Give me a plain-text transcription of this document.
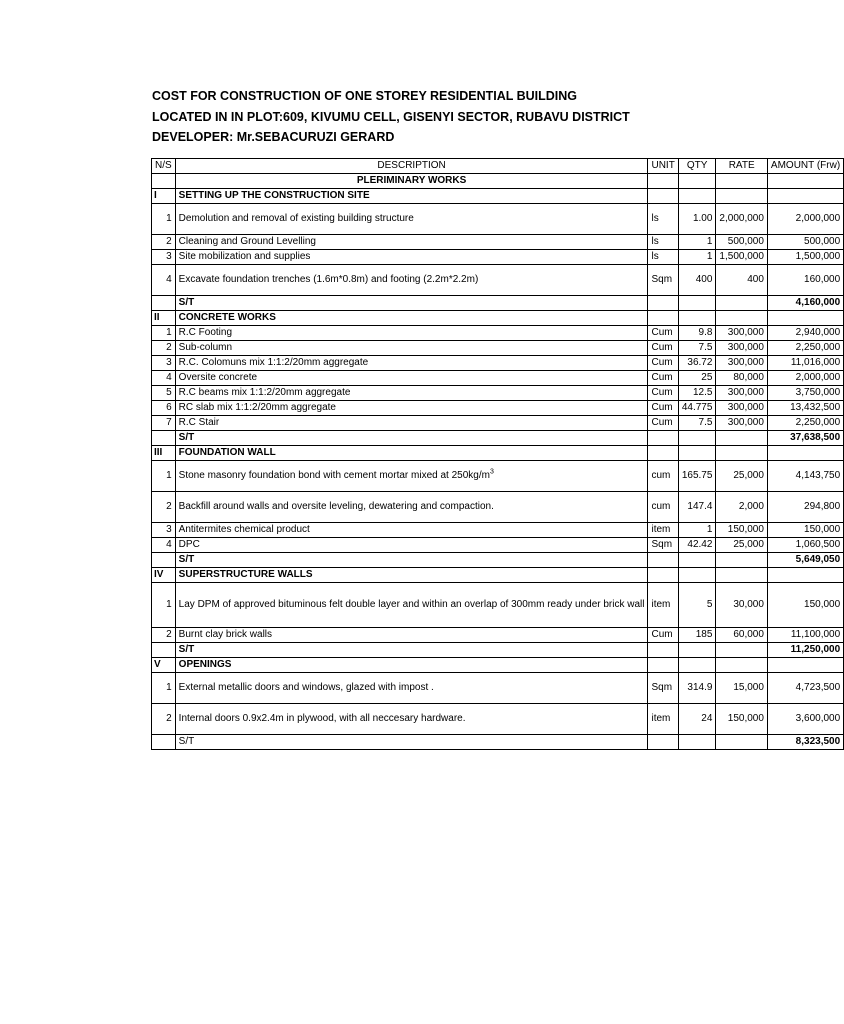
COST FOR CONSTRUCTION OF ONE STOREY RESIDENTIAL BUILDING
LOCATED IN IN PLOT:609, KIVUMU CELL, GISENYI SECTOR, RUBAVU DISTRICT
DEVELOPER: Mr.SEBACURUZI GERARD
N/S	DESCRIPTION	UNIT	QTY	RATE	AMOUNT (Frw)
	PLERIMINARY WORKS				
I	SETTING UP THE CONSTRUCTION SITE				
1	Demolution and removal of existing building structure	ls	1.00	2,000,000	2,000,000
2	Cleaning and Ground Levelling	ls	1	500,000	500,000
3	Site mobilization and supplies	ls	1	1,500,000	1,500,000
4	Excavate foundation trenches (1.6m*0.8m) and footing (2.2m*2.2m)	Sqm	400	400	160,000
	S/T				4,160,000
II	CONCRETE WORKS				
1	R.C Footing	Cum	9.8	300,000	2,940,000
2	Sub-column	Cum	7.5	300,000	2,250,000
3	R.C. Colomuns mix 1:1:2/20mm aggregate	Cum	36.72	300,000	11,016,000
4	Oversite concrete	Cum	25	80,000	2,000,000
5	R.C beams mix 1:1:2/20mm aggregate	Cum	12.5	300,000	3,750,000
6	RC slab mix 1:1:2/20mm aggregate	Cum	44.775	300,000	13,432,500
7	R.C Stair	Cum	7.5	300,000	2,250,000
	S/T				37,638,500
III	FOUNDATION WALL				
1	Stone masonry foundation bond with cement mortar mixed at $250kg/m^3$	cum	165.75	25,000	4,143,750
2	Backfill around walls and oversite leveling, dewatering and compaction.	cum	147.4	2,000	294,800
3	Antitermites chemical product	item	1	150,000	150,000
4	DPC	Sqm	42.42	25,000	1,060,500
	S/T				5,649,050
IV	SUPERSTRUCTURE WALLS				
1	Lay DPM of approved bituminous felt double layer and within an overlap of 300mm ready under brick wall	item	5	30,000	150,000
2	Burnt clay brick walls	Cum	185	60,000	11,100,000
	S/T				11,250,000
V	OPENINGS				
1	External metallic doors and windows, glazed with impost .	Sqm	314.9	15,000	4,723,500
2	Internal doors 0.9x2.4m in plywood, with all neccesary hardware.	item	24	150,000	3,600,000
	S/T				8,323,500
